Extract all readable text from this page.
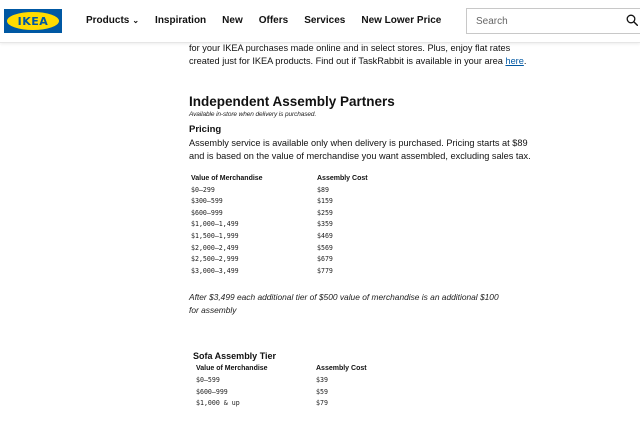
IKEA	Products ⌄ Inspiration New Offers Services New Lower Price
Search

for your IKEA purchases made online and in select stores. Plus, enjoy flat rates

created just for IKEA products. Find out if TaskRabbit is available in your area here.

Independent Assembly Partners
Available in-store when delivery is purchased.
Pricing

Assembly service is available only when delivery is purchased. Pricing starts at $89

and is based on the value of merchandise you want assembled, excluding sales tax.

Value of Merchandise	Assembly Cost
$0–299	$89
$300–599	$159
$600–999	$259
$1,000–1,499	$359
$1,500–1,999	$469
$2,000–2,499	$569
$2,500–2,999	$679
$3,000–3,499	$779

After $3,499 each additional tier of $500 value of merchandise is an additional $100
for assembly

Sofa Assembly Tier
Value of Merchandise	Assembly Cost
$0–599	$39
$600–999	$59
$1,000 & up	$79
